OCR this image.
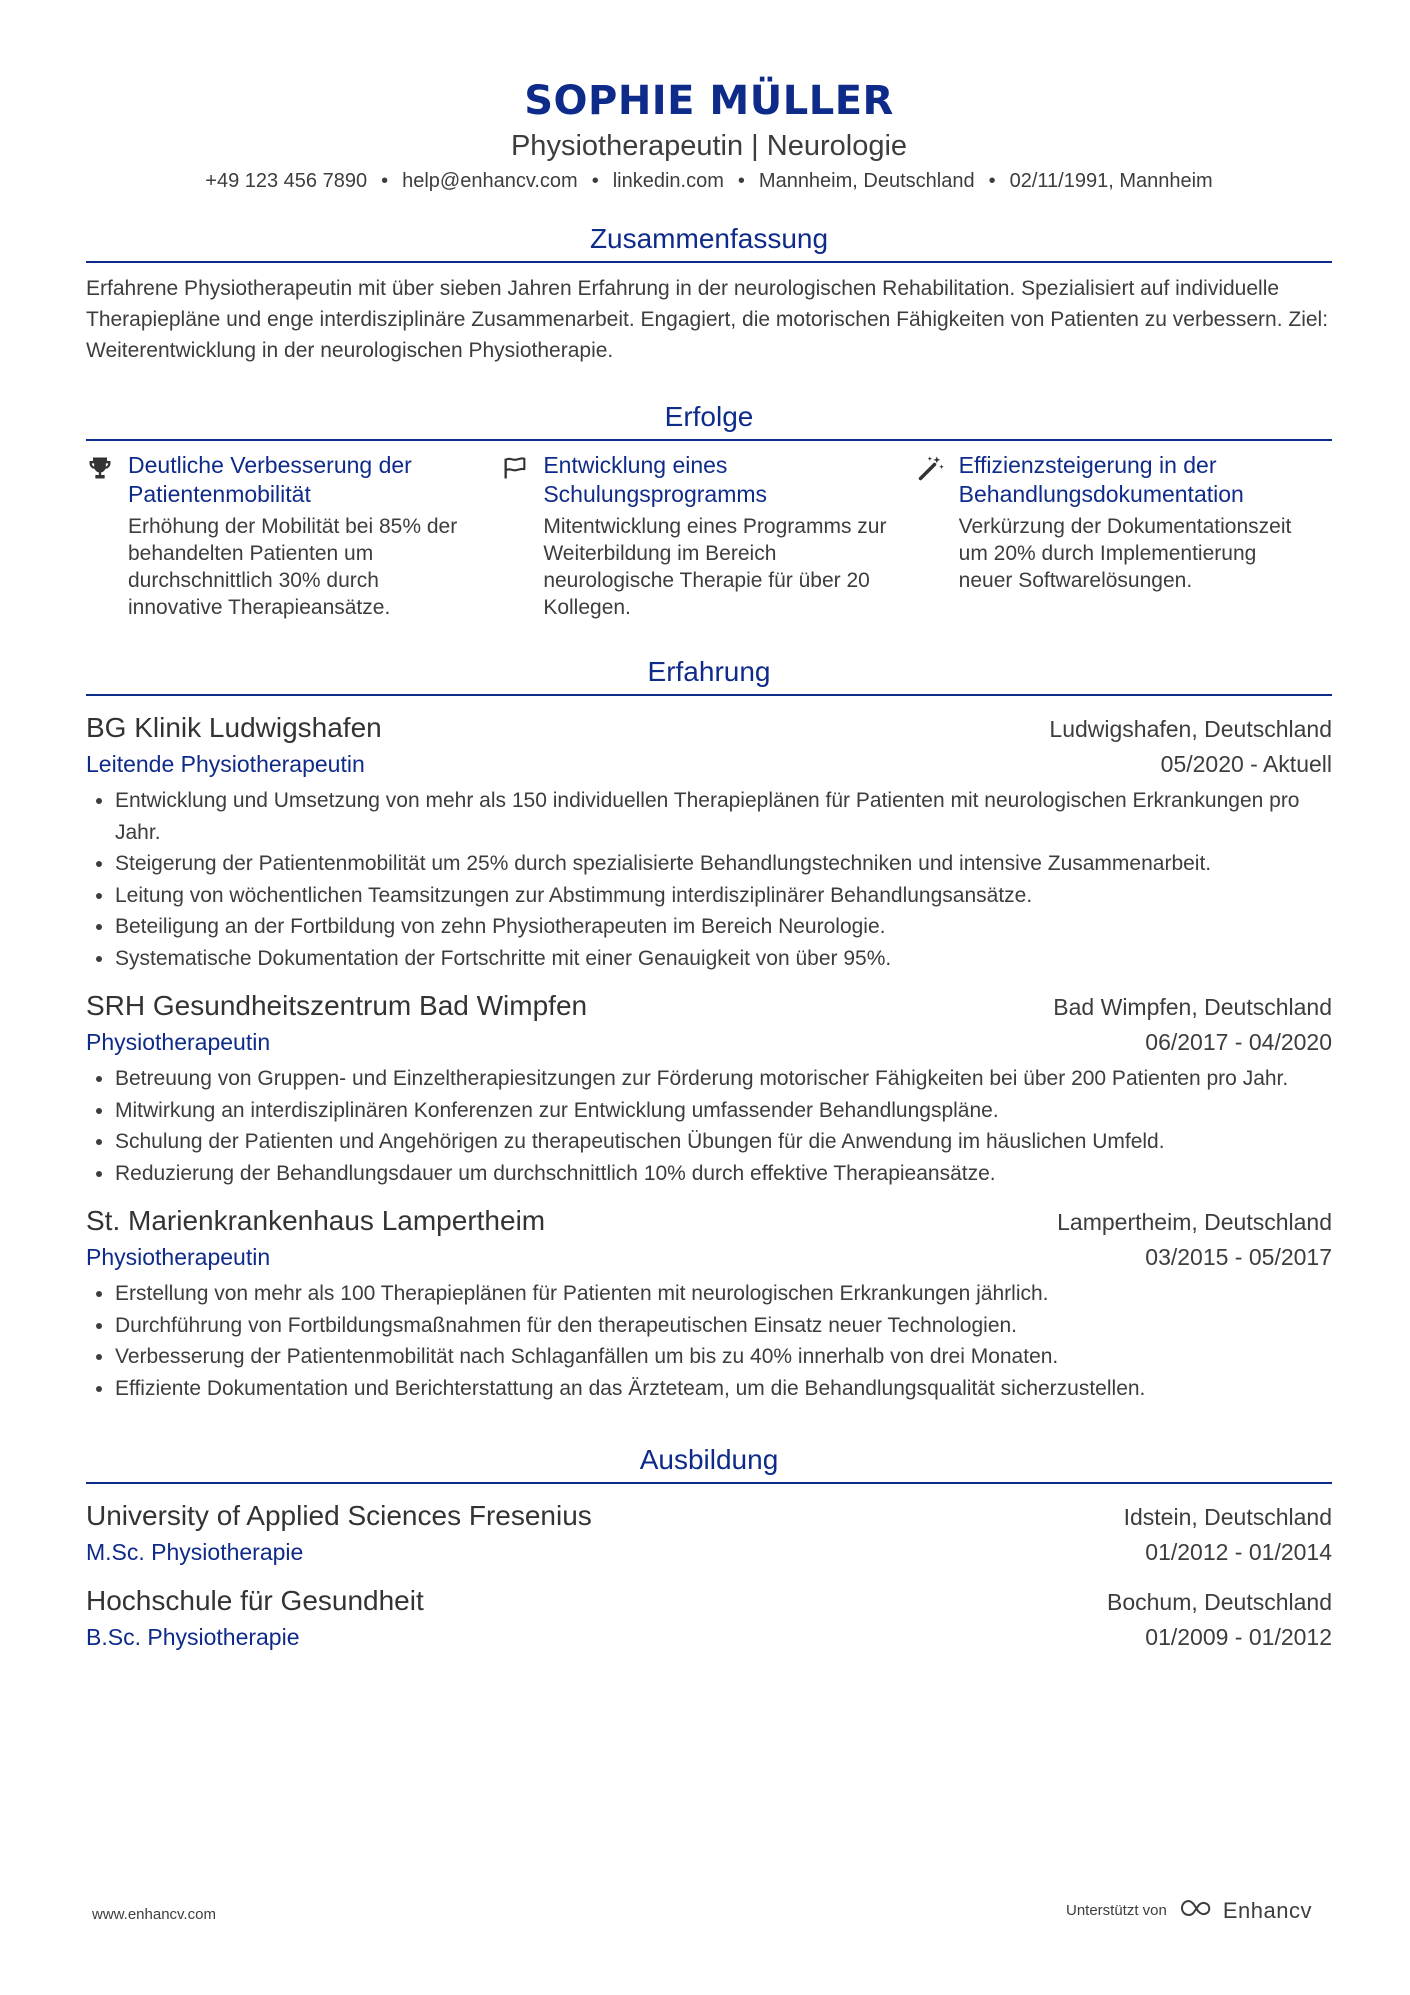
SOPHIE MÜLLER
Physiotherapeutin | Neurologie
+49 123 456 7890 • help@enhancv.com • linkedin.com • Mannheim, Deutschland • 02/11/1991, Mannheim
Zusammenfassung
Erfahrene Physiotherapeutin mit über sieben Jahren Erfahrung in der neurologischen Rehabilitation. Spezialisiert auf individuelle Therapiepläne und enge interdisziplinäre Zusammenarbeit. Engagiert, die motorischen Fähigkeiten von Patienten zu verbessern. Ziel: Weiterentwicklung in der neurologischen Physiotherapie.
Erfolge
Deutliche Verbesserung der Patientenmobilität
Erhöhung der Mobilität bei 85% der behandelten Patienten um durchschnittlich 30% durch innovative Therapieansätze.
Entwicklung eines Schulungsprogramms
Mitentwicklung eines Programms zur Weiterbildung im Bereich neurologische Therapie für über 20 Kollegen.
Effizienzsteigerung in der Behandlungsdokumentation
Verkürzung der Dokumentationszeit um 20% durch Implementierung neuer Softwarelösungen.
Erfahrung
BG Klinik Ludwigshafen	Ludwigshafen, Deutschland
Leitende Physiotherapeutin	05/2020 - Aktuell
• Entwicklung und Umsetzung von mehr als 150 individuellen Therapieplänen für Patienten mit neurologischen Erkrankungen pro Jahr.
• Steigerung der Patientenmobilität um 25% durch spezialisierte Behandlungstechniken und intensive Zusammenarbeit.
• Leitung von wöchentlichen Teamsitzungen zur Abstimmung interdisziplinärer Behandlungsansätze.
• Beteiligung an der Fortbildung von zehn Physiotherapeuten im Bereich Neurologie.
• Systematische Dokumentation der Fortschritte mit einer Genauigkeit von über 95%.
SRH Gesundheitszentrum Bad Wimpfen	Bad Wimpfen, Deutschland
Physiotherapeutin	06/2017 - 04/2020
• Betreuung von Gruppen- und Einzeltherapiesitzungen zur Förderung motorischer Fähigkeiten bei über 200 Patienten pro Jahr.
• Mitwirkung an interdisziplinären Konferenzen zur Entwicklung umfassender Behandlungspläne.
• Schulung der Patienten und Angehörigen zu therapeutischen Übungen für die Anwendung im häuslichen Umfeld.
• Reduzierung der Behandlungsdauer um durchschnittlich 10% durch effektive Therapieansätze.
St. Marienkrankenhaus Lampertheim	Lampertheim, Deutschland
Physiotherapeutin	03/2015 - 05/2017
• Erstellung von mehr als 100 Therapieplänen für Patienten mit neurologischen Erkrankungen jährlich.
• Durchführung von Fortbildungsmaßnahmen für den therapeutischen Einsatz neuer Technologien.
• Verbesserung der Patientenmobilität nach Schlaganfällen um bis zu 40% innerhalb von drei Monaten.
• Effiziente Dokumentation und Berichterstattung an das Ärzteteam, um die Behandlungsqualität sicherzustellen.
Ausbildung
University of Applied Sciences Fresenius	Idstein, Deutschland
M.Sc. Physiotherapie	01/2012 - 01/2014
Hochschule für Gesundheit	Bochum, Deutschland
B.Sc. Physiotherapie	01/2009 - 01/2012
www.enhancv.com	Unterstützt von	Enhancv
